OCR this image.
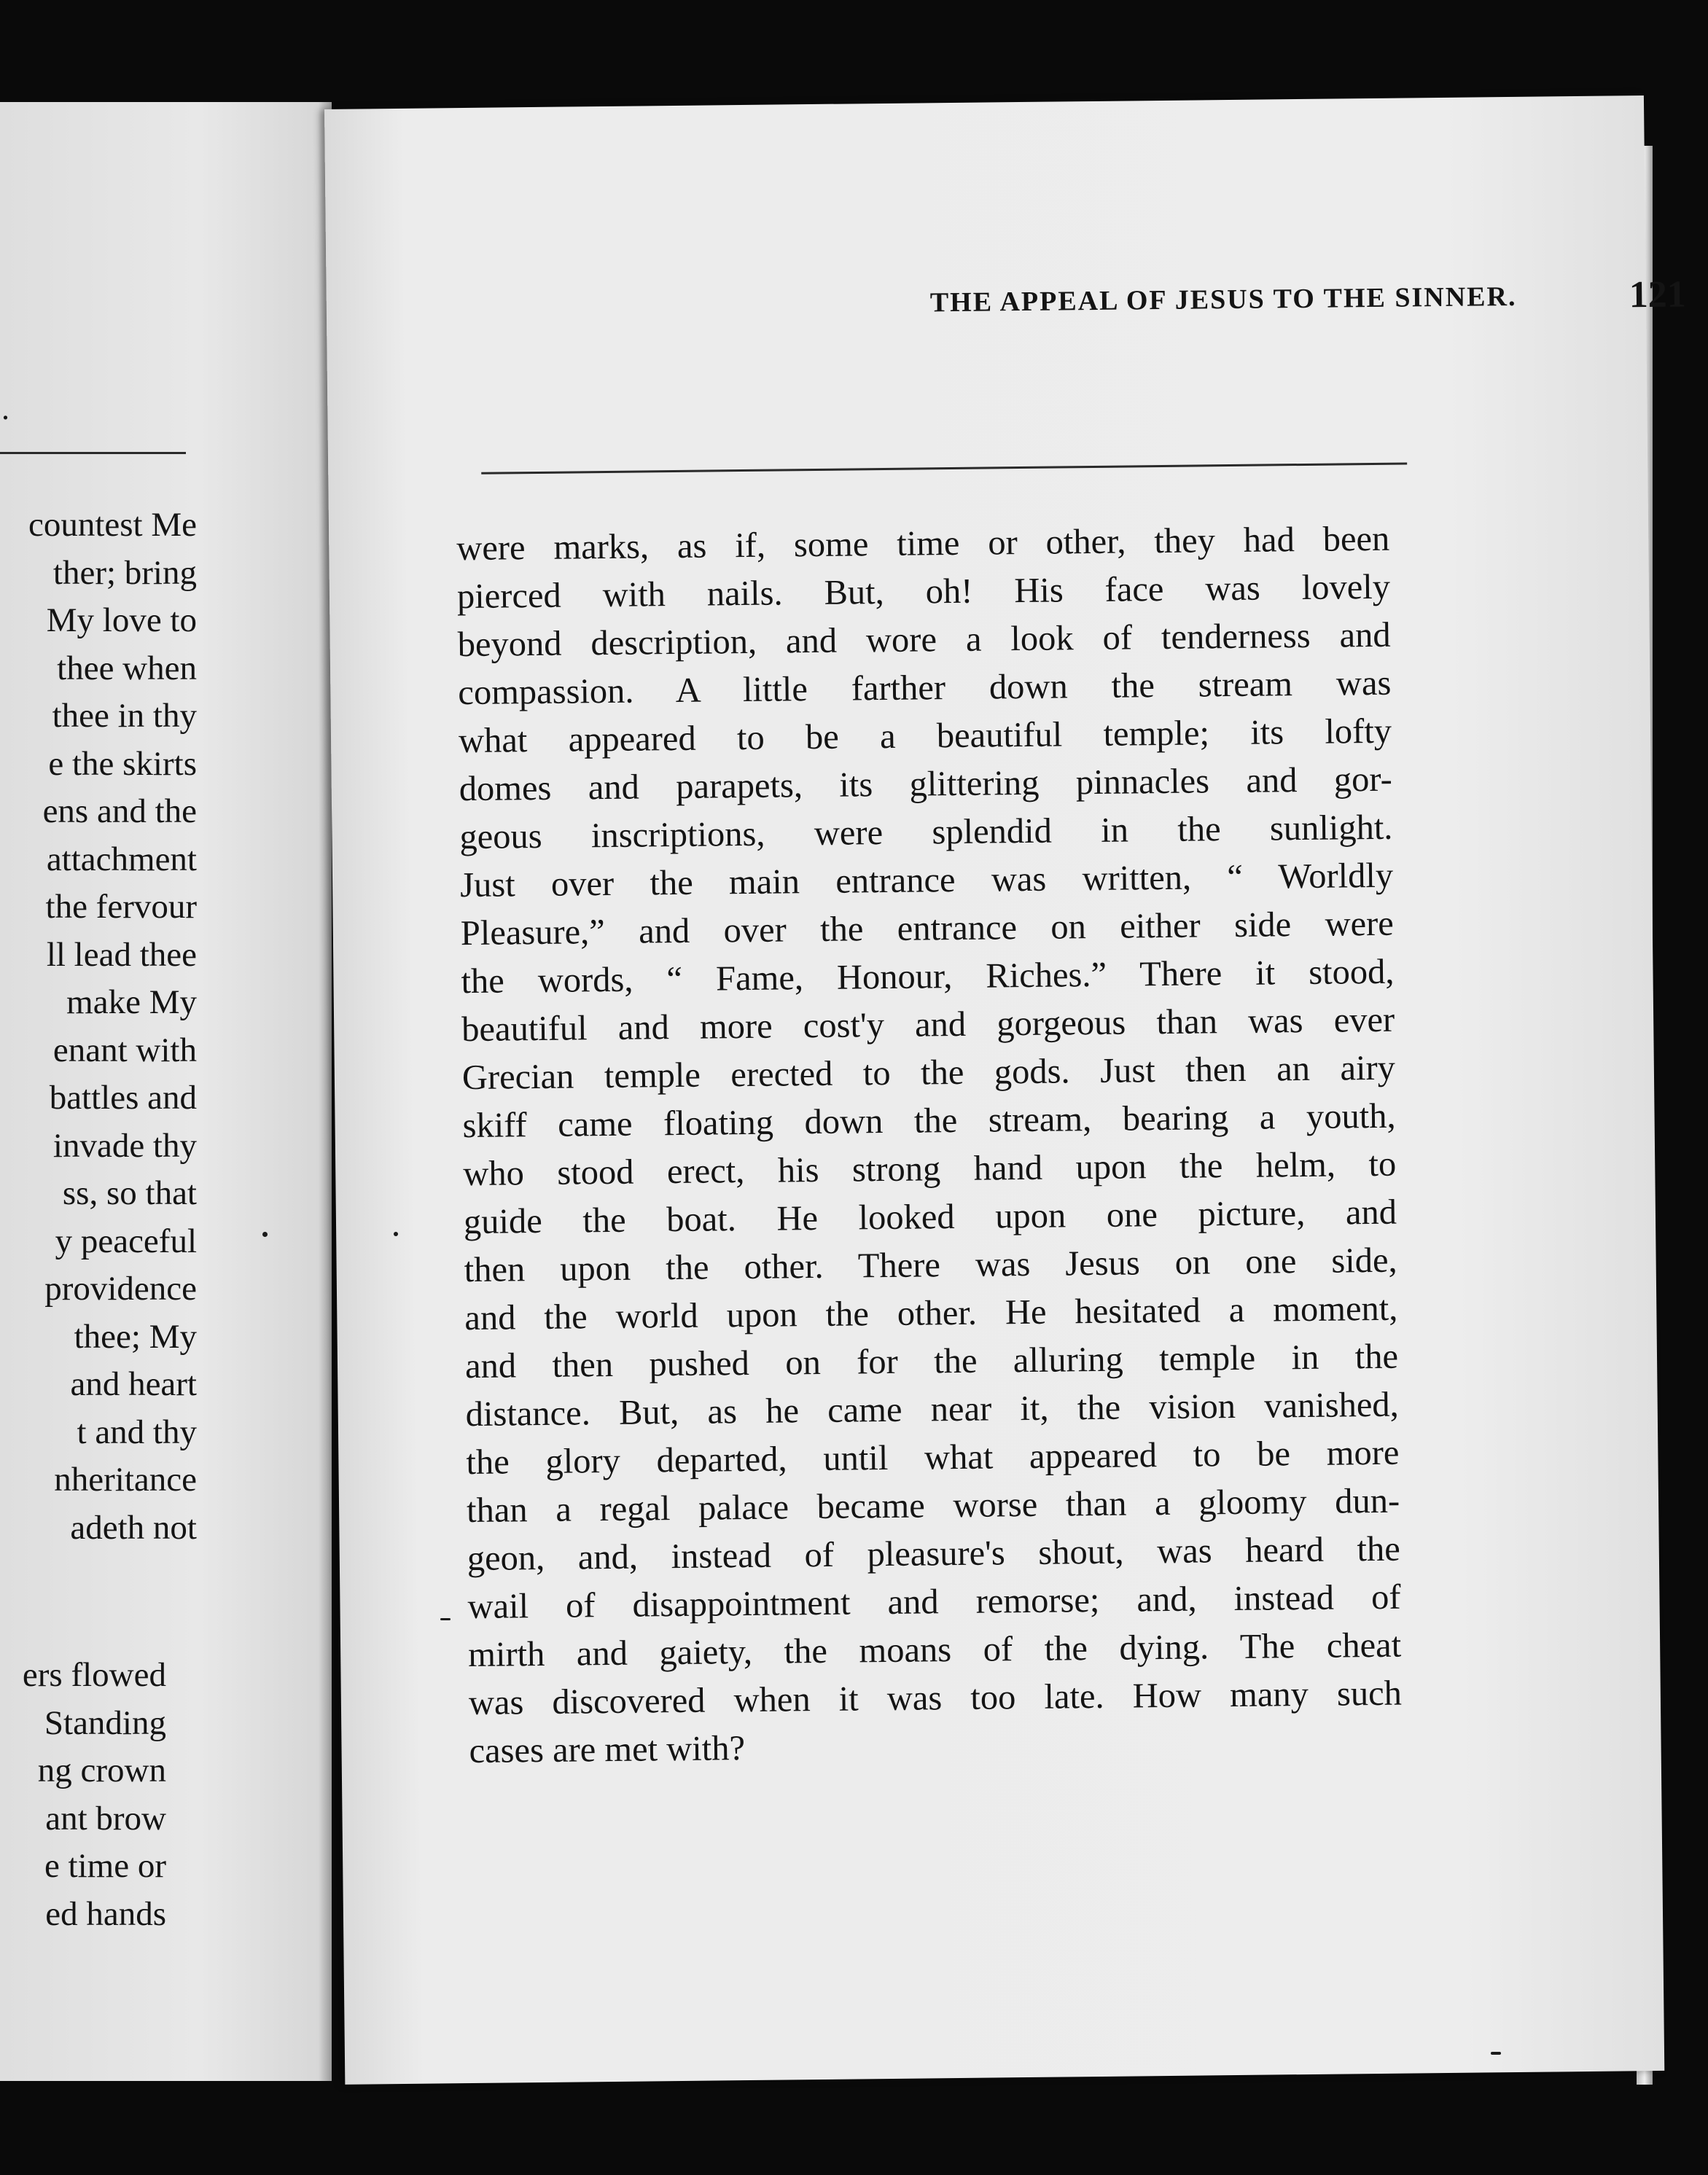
.
countest Me
ther; bring
My love to
thee when
thee in thy
e the skirts
ens and the
attachment
the fervour
ll lead thee
make My
enant with
battles and
invade thy
ss, so that
y peaceful
providence
thee; My
and heart
t and thy
nheritance
adeth not
ers flowed
Standing
ng crown
ant brow
e time or
ed hands
THE APPEAL OF JESUS TO THE SINNER.	121
were marks, as if, some time or other, they had been
pierced with nails. But, oh! His face was lovely
beyond description, and wore a look of tenderness and
compassion. A little farther down the stream was
what appeared to be a beautiful temple; its lofty
domes and parapets, its glittering pinnacles and gor-
geous inscriptions, were splendid in the sunlight.
Just over the main entrance was written, “ Worldly
Pleasure,” and over the entrance on either side were
the words, “ Fame, Honour, Riches.” There it stood,
beautiful and more cost'y and gorgeous than was ever
Grecian temple erected to the gods. Just then an airy
skiff came floating down the stream, bearing a youth,
who stood erect, his strong hand upon the helm, to
guide the boat. He looked upon one picture, and
then upon the other. There was Jesus on one side,
and the world upon the other. He hesitated a moment,
and then pushed on for the alluring temple in the
distance. But, as he came near it, the vision vanished,
the glory departed, until what appeared to be more
than a regal palace became worse than a gloomy dun-
geon, and, instead of pleasure's shout, was heard the
wail of disappointment and remorse; and, instead of
mirth and gaiety, the moans of the dying. The cheat
was discovered when it was too late. How many such
cases are met with?
